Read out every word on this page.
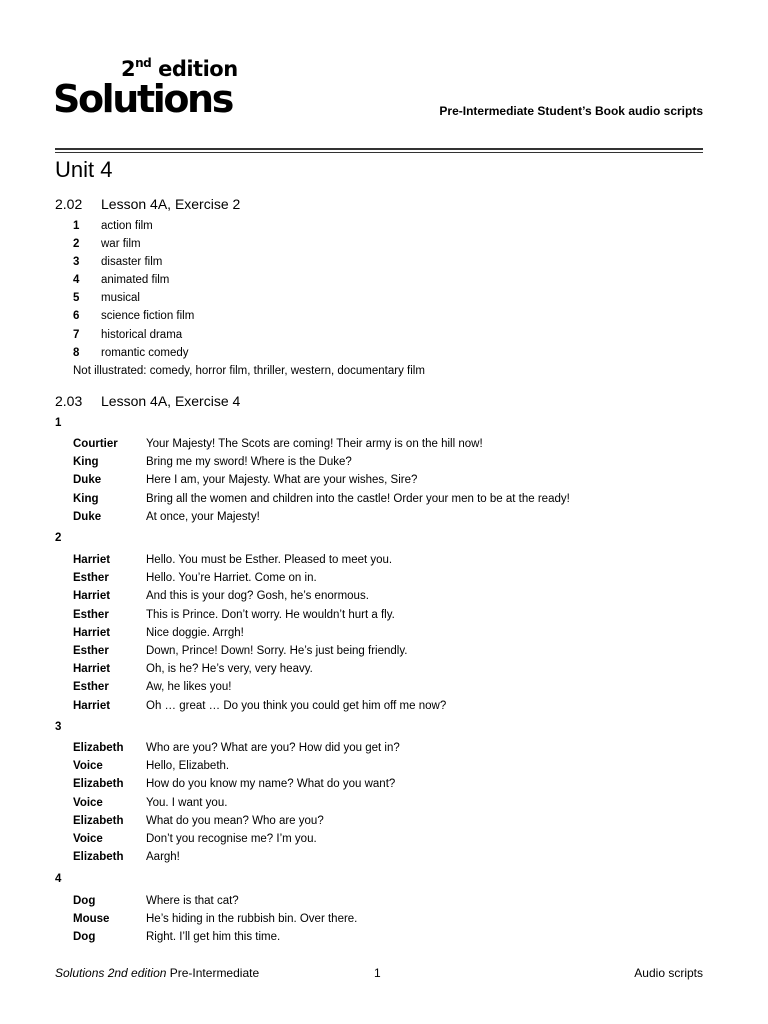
2nd edition
Solutions	Pre-Intermediate Student’s Book audio scripts
Unit 4
2.02 Lesson 4A, Exercise 2
1 action film
2 war film
3 disaster film
4 animated film
5 musical
6 science fiction film
7 historical drama
8 romantic comedy
Not illustrated: comedy, horror film, thriller, western, documentary film
2.03 Lesson 4A, Exercise 4
1
Courtier Your Majesty! The Scots are coming! Their army is on the hill now!
King	Bring me my sword! Where is the Duke?
Duke	Here I am, your Majesty. What are your wishes, Sire?
King	Bring all the women and children into the castle! Order your men to be at the ready!
Duke	At once, your Majesty!
2
Harriet	Hello. You must be Esther. Pleased to meet you.
Esther	Hello. You’re Harriet. Come on in.
Harriet	And this is your dog? Gosh, he’s enormous.
Esther	This is Prince. Don’t worry. He wouldn’t hurt a fly.
Harriet	Nice doggie. Arrgh!
Esther	Down, Prince! Down! Sorry. He’s just being friendly.
Harriet	Oh, is he? He’s very, very heavy.
Esther	Aw, he likes you!
Harriet	Oh … great … Do you think you could get him off me now?
3
Elizabeth Who are you? What are you? How did you get in?
Voice	Hello, Elizabeth.
Elizabeth How do you know my name? What do you want?
Voice	You. I want you.
Elizabeth What do you mean? Who are you?
Voice	Don’t you recognise me? I’m you.
Elizabeth Aargh!
4
Dog	Where is that cat?
Mouse	He’s hiding in the rubbish bin. Over there.
Dog	Right. I’ll get him this time.
Solutions 2nd edition Pre-Intermediate	1	Audio scripts
